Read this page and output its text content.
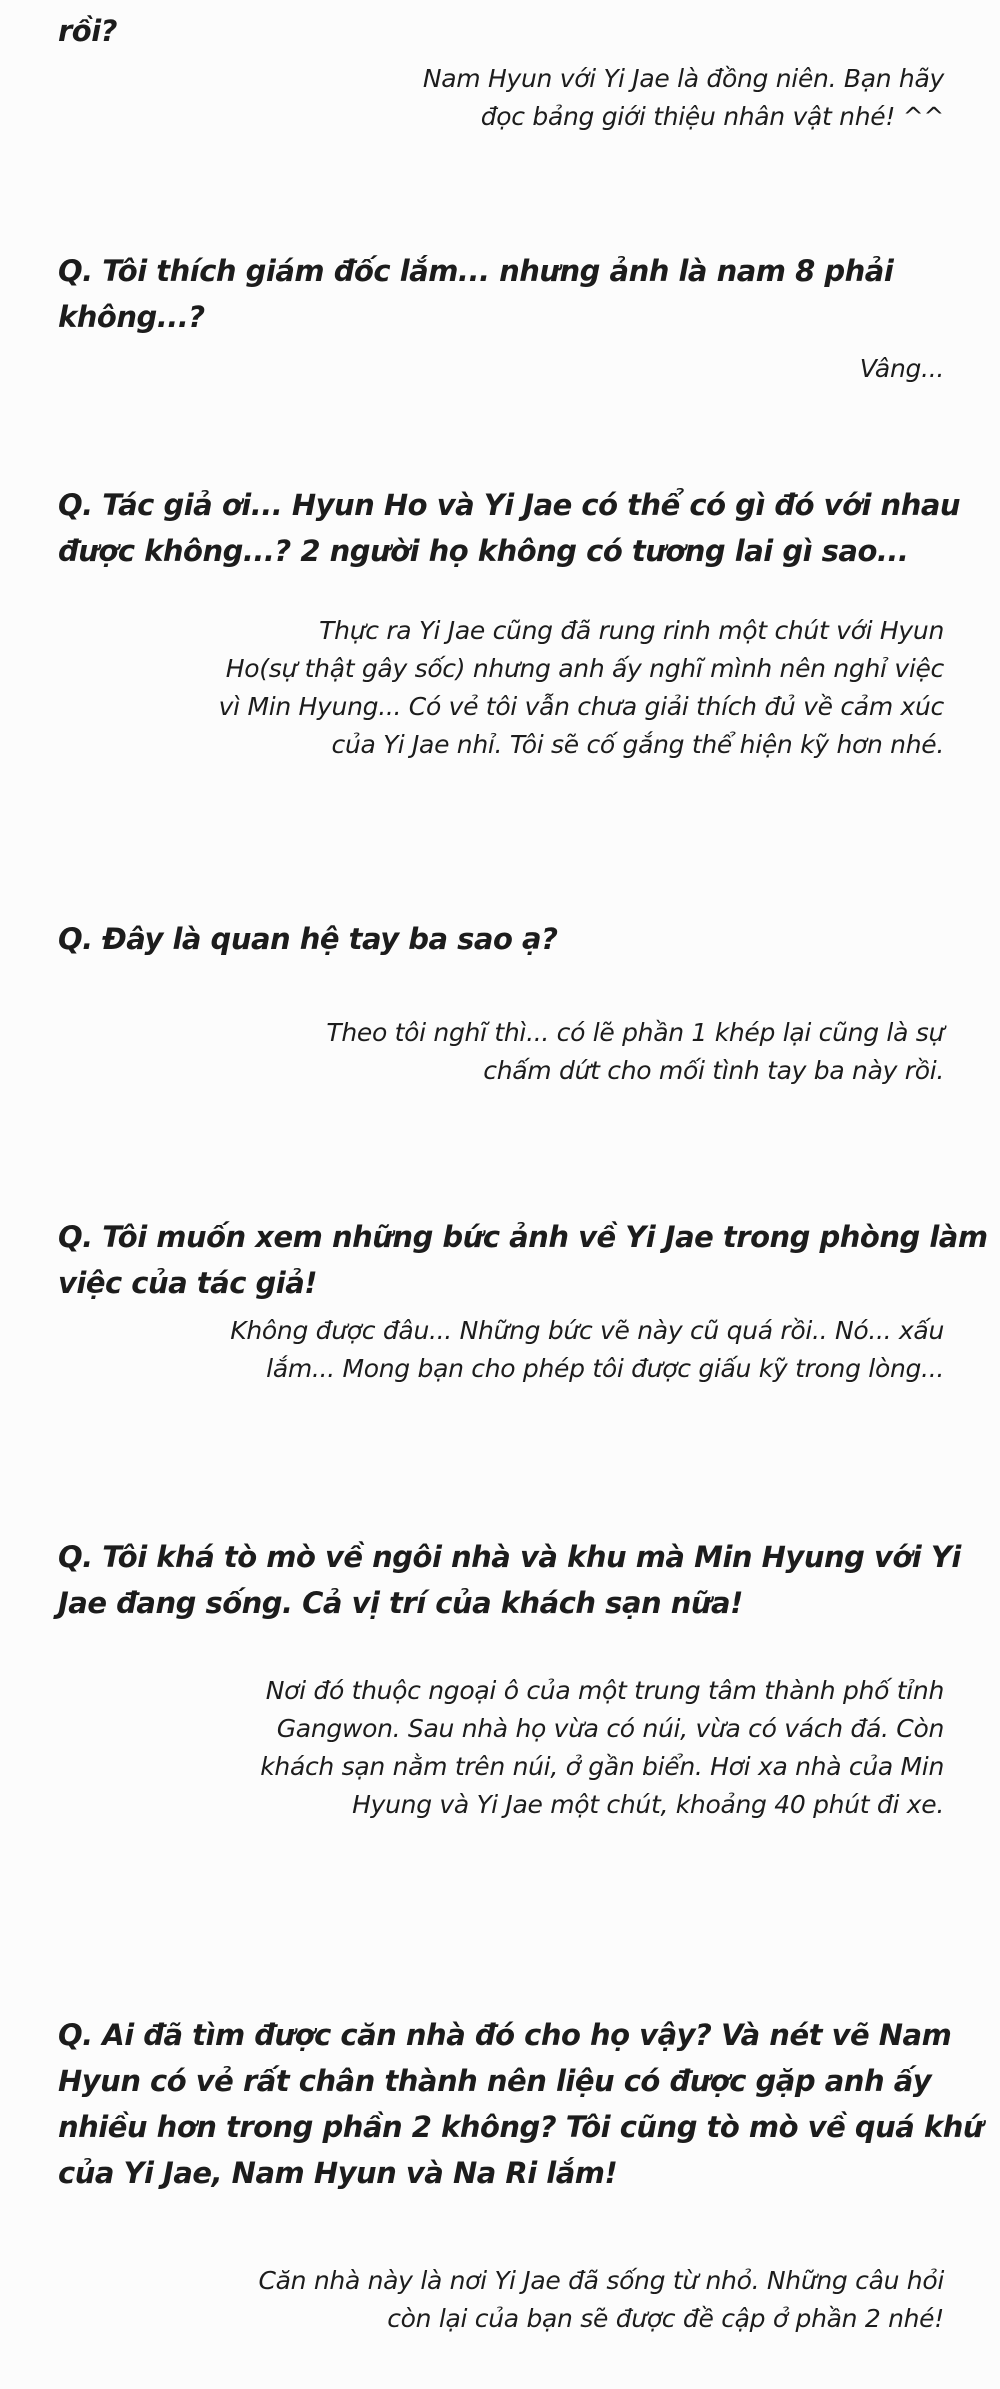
rồi?
Nam Hyun với Yi Jae là đồng niên. Bạn hãy
đọc bảng giới thiệu nhân vật nhé! ^^
Q. Tôi thích giám đốc lắm... nhưng ảnh là nam 8 phải
không...?
Vâng...
Q. Tác giả ơi... Hyun Ho và Yi Jae có thể có gì đó với nhau
được không...? 2 người họ không có tương lai gì sao...
Thực ra Yi Jae cũng đã rung rinh một chút với Hyun
Ho(sự thật gây sốc) nhưng anh ấy nghĩ mình nên nghỉ việc
vì Min Hyung... Có vẻ tôi vẫn chưa giải thích đủ về cảm xúc
của Yi Jae nhỉ. Tôi sẽ cố gắng thể hiện kỹ hơn nhé.
Q. Đây là quan hệ tay ba sao ạ?
Theo tôi nghĩ thì... có lẽ phần 1 khép lại cũng là sự
chấm dứt cho mối tình tay ba này rồi.
Q. Tôi muốn xem những bức ảnh về Yi Jae trong phòng làm
việc của tác giả!
Không được đâu... Những bức vẽ này cũ quá rồi.. Nó... xấu
lắm... Mong bạn cho phép tôi được giấu kỹ trong lòng...
Q. Tôi khá tò mò về ngôi nhà và khu mà Min Hyung với Yi
Jae đang sống. Cả vị trí của khách sạn nữa!
Nơi đó thuộc ngoại ô của một trung tâm thành phố tỉnh
Gangwon. Sau nhà họ vừa có núi, vừa có vách đá. Còn
khách sạn nằm trên núi, ở gần biển. Hơi xa nhà của Min
Hyung và Yi Jae một chút, khoảng 40 phút đi xe.
Q. Ai đã tìm được căn nhà đó cho họ vậy? Và nét vẽ Nam
Hyun có vẻ rất chân thành nên liệu có được gặp anh ấy
nhiều hơn trong phần 2 không? Tôi cũng tò mò về quá khứ
của Yi Jae, Nam Hyun và Na Ri lắm!
Căn nhà này là nơi Yi Jae đã sống từ nhỏ. Những câu hỏi
còn lại của bạn sẽ được đề cập ở phần 2 nhé!
